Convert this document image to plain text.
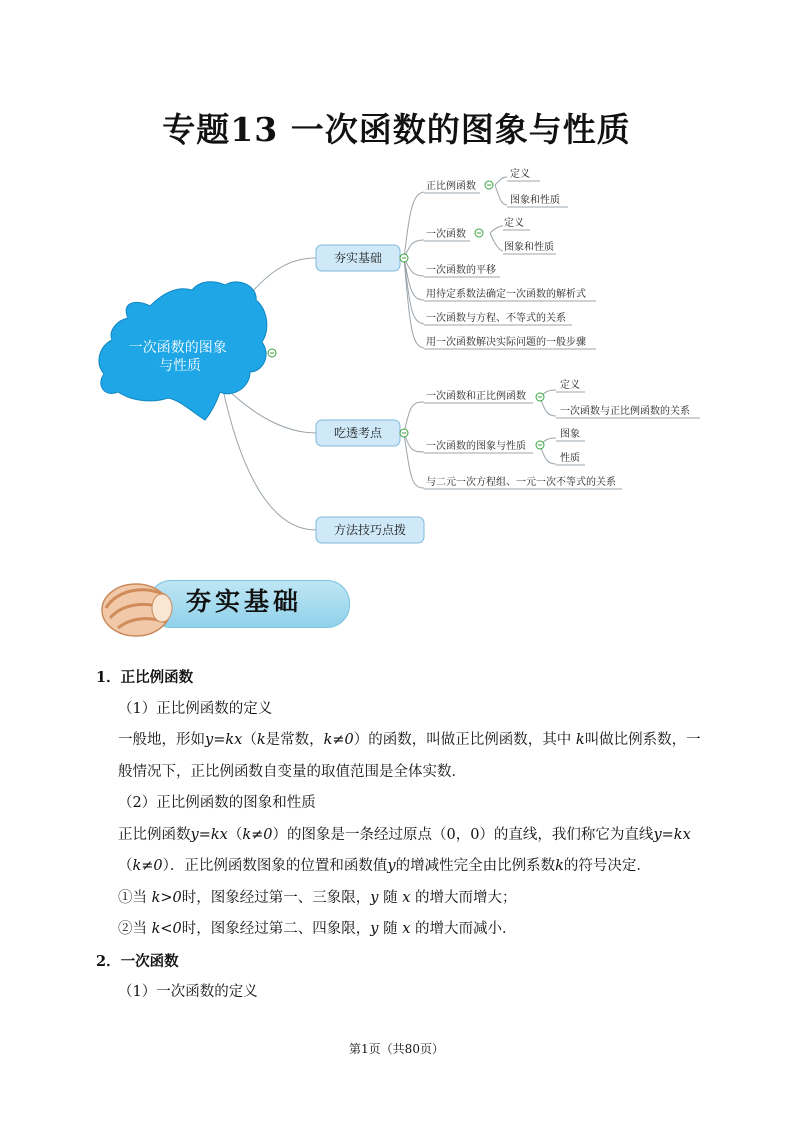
专题13 一次函数的图象与性质
一次函数的图象 与性质
夯实基础
吃透考点
方法技巧点拨
正比例函数
定义
图象和性质
一次函数
定义
图象和性质
一次函数的平移
用待定系数法确定一次函数的解析式
一次函数与方程、不等式的关系
用一次函数解决实际问题的一般步骤
一次函数和正比例函数
定义
一次函数与正比例函数的关系
一次函数的图象与性质
图象
性质
与二元一次方程组、一元一次不等式的关系
夯实基础
1．正比例函数
（1）正比例函数的定义
一般地，形如y=kx（k是常数，k≠0）的函数，叫做正比例函数，其中 k叫做比例系数，一般情况下，正比例函数自变量的取值范围是全体实数．
（2）正比例函数的图象和性质
正比例函数y=kx（k≠0）的图象是一条经过原点（0，0）的直线，我们称它为直线y=kx（k≠0）．正比例函数图象的位置和函数值y的增减性完全由比例系数k的符号决定．
①当 k>0时，图象经过第一、三象限，y 随 x 的增大而增大；
②当 k<0时，图象经过第二、四象限，y 随 x 的增大而减小．
2．一次函数
（1）一次函数的定义
第1页（共80页）
